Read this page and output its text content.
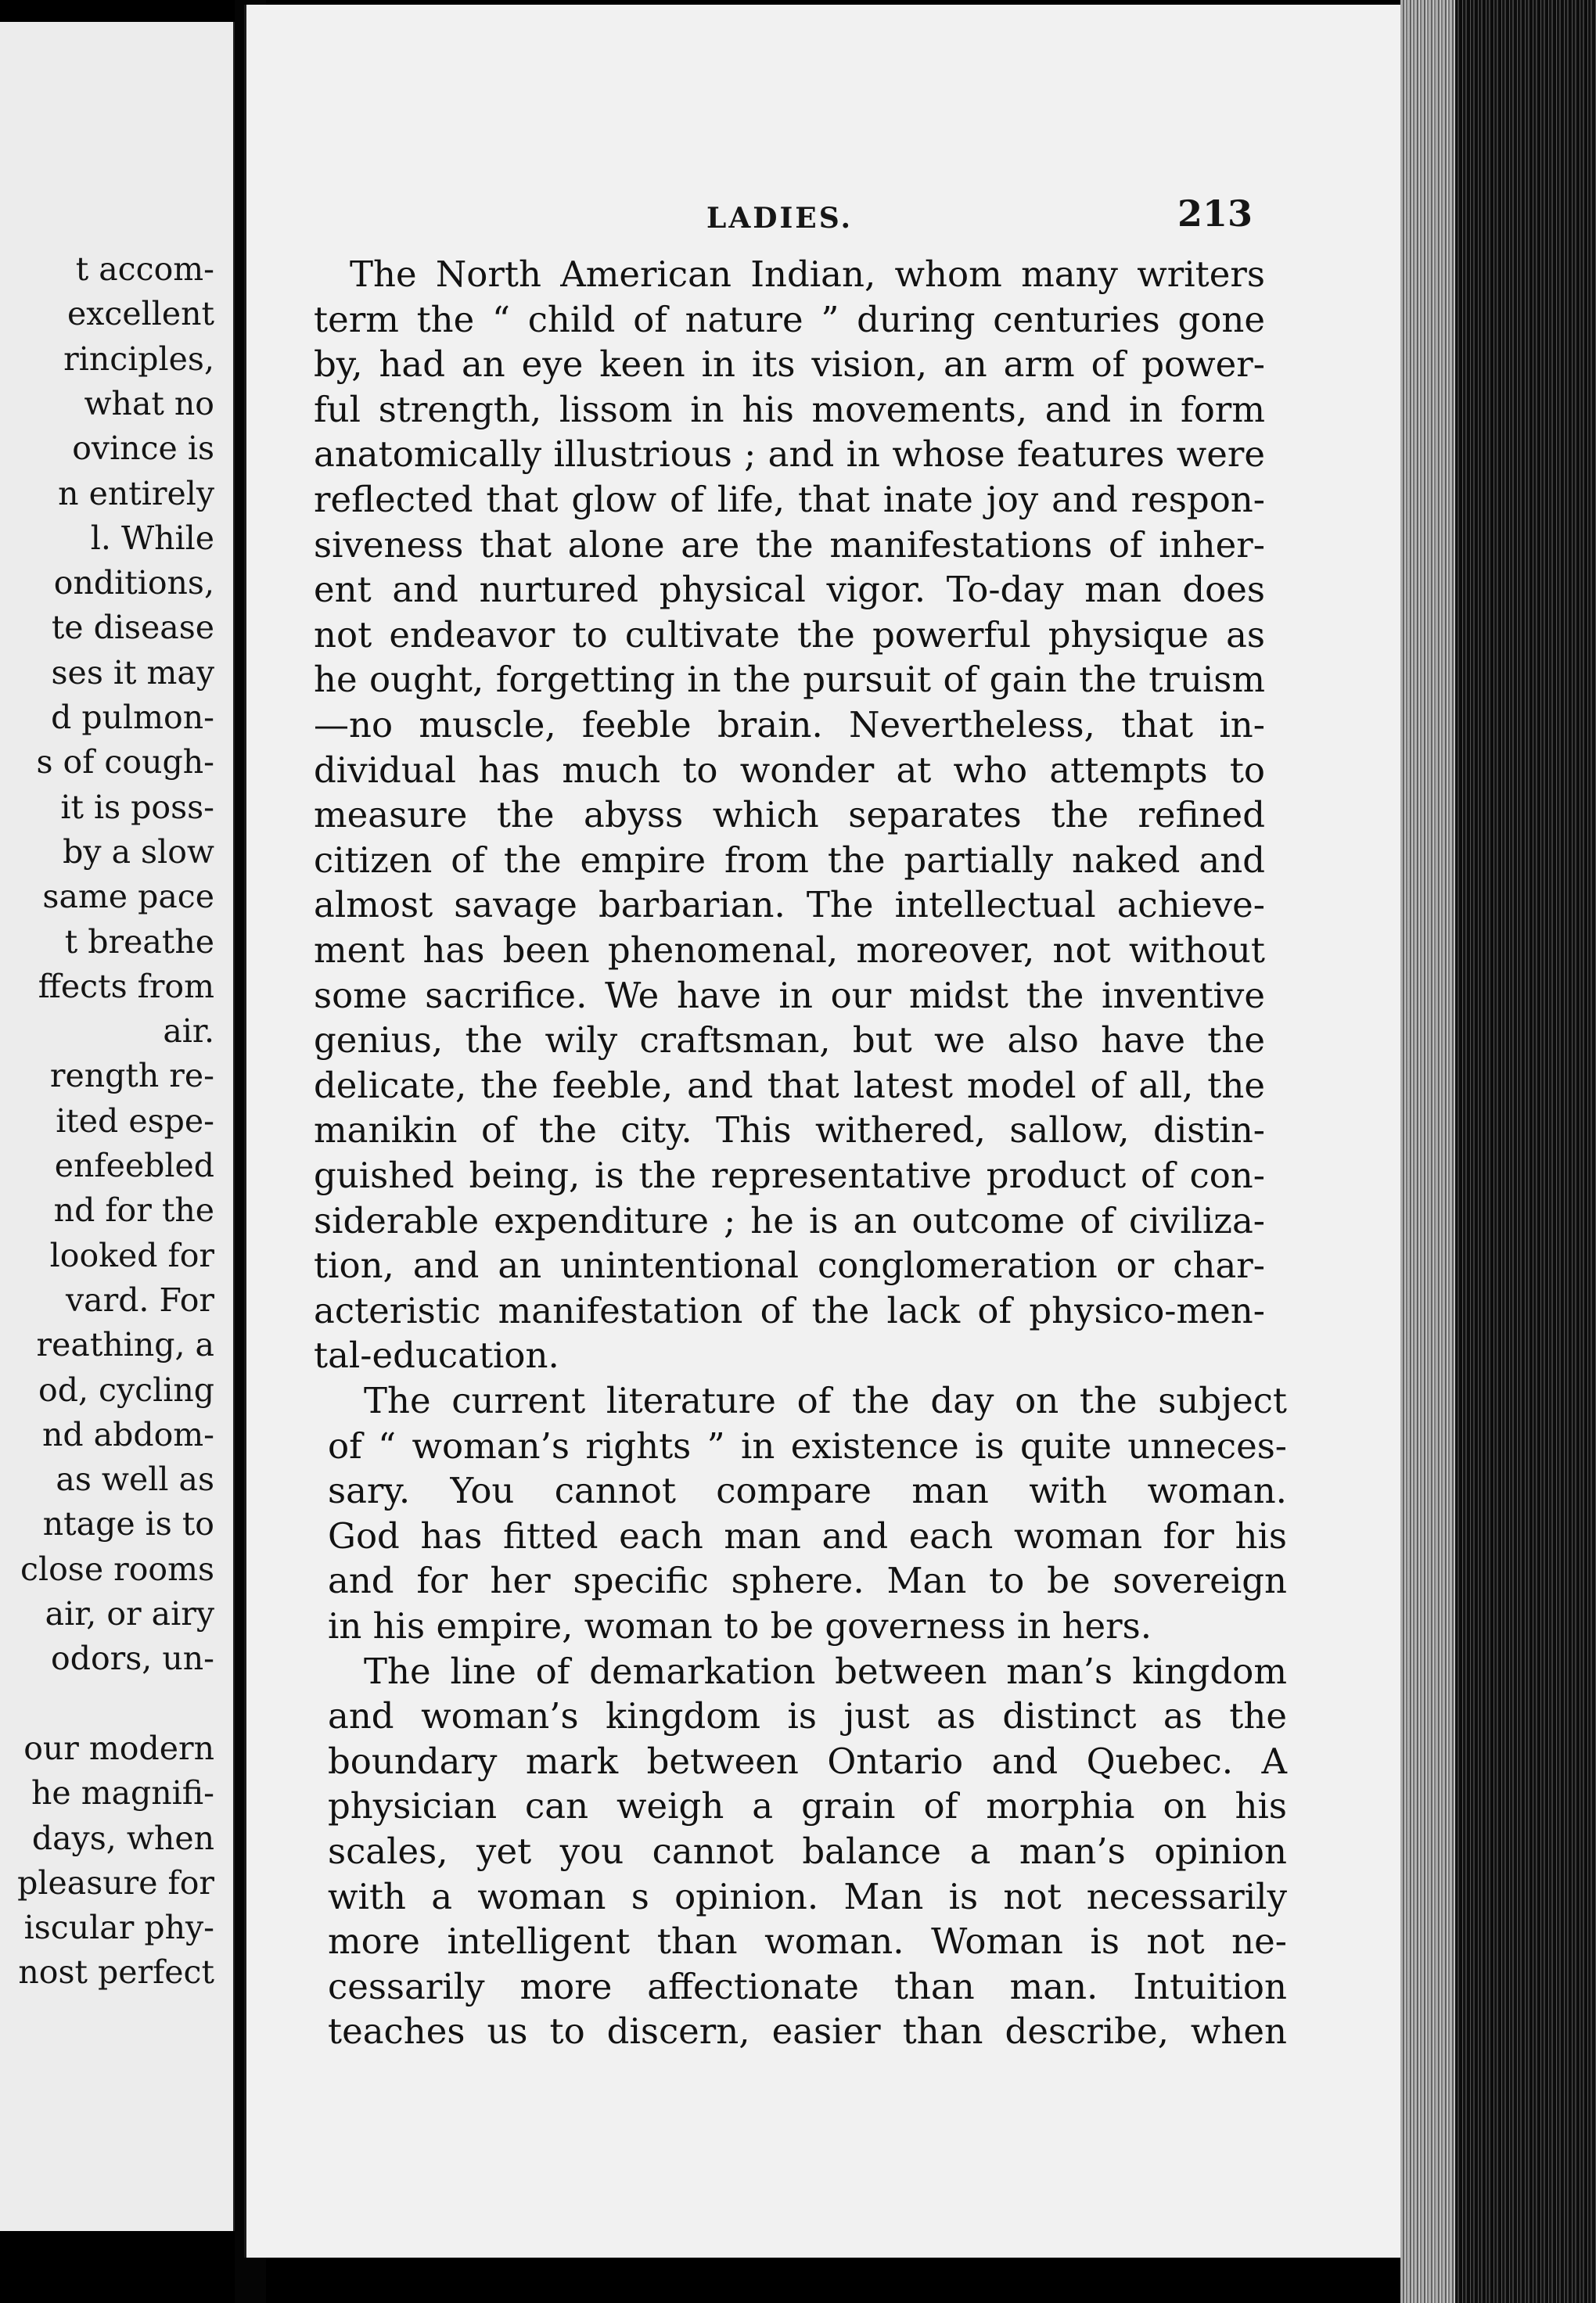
t accom-
excellent
rinciples,
what no
ovince is
n entirely
l. While
onditions,
te disease
ses it may
d pulmon-
s of cough-
it is poss-
by a slow
same pace
t breathe
ffects from
air.
rength re-
ited espe-
enfeebled
nd for the
looked for
vard. For
reathing, a
od, cycling
nd abdom-
as well as
ntage is to
close rooms
air, or airy
odors, un-
our modern
he magnifi-
days, when
pleasure for
iscular phy-
nost perfect
LADIES.	213
The North American Indian, whom many writers
term the “ child of nature ” during centuries gone
by, had an eye keen in its vision, an arm of power-
ful strength, lissom in his movements, and in form
anatomically illustrious ; and in whose features were
reflected that glow of life, that inate joy and respon-
siveness that alone are the manifestations of inher-
ent and nurtured physical vigor. To-day man does
not endeavor to cultivate the powerful physique as
he ought, forgetting in the pursuit of gain the truism
—no muscle, feeble brain. Nevertheless, that in-
dividual has much to wonder at who attempts to
measure the abyss which separates the refined
citizen of the empire from the partially naked and
almost savage barbarian. The intellectual achieve-
ment has been phenomenal, moreover, not without
some sacrifice. We have in our midst the inventive
genius, the wily craftsman, but we also have the
delicate, the feeble, and that latest model of all, the
manikin of the city. This withered, sallow, distin-
guished being, is the representative product of con-
siderable expenditure ; he is an outcome of civiliza-
tion, and an unintentional conglomeration or char-
acteristic manifestation of the lack of physico-men-
tal-education.
The current literature of the day on the subject
of “ woman’s rights ” in existence is quite unneces-
sary. You cannot compare man with woman.
God has fitted each man and each woman for his
and for her specific sphere. Man to be sovereign
in his empire, woman to be governess in hers.
The line of demarkation between man’s kingdom
and woman’s kingdom is just as distinct as the
boundary mark between Ontario and Quebec. A
physician can weigh a grain of morphia on his
scales, yet you cannot balance a man’s opinion
with a woman s opinion. Man is not necessarily
more intelligent than woman. Woman is not ne-
cessarily more affectionate than man. Intuition
teaches us to discern, easier than describe, when
